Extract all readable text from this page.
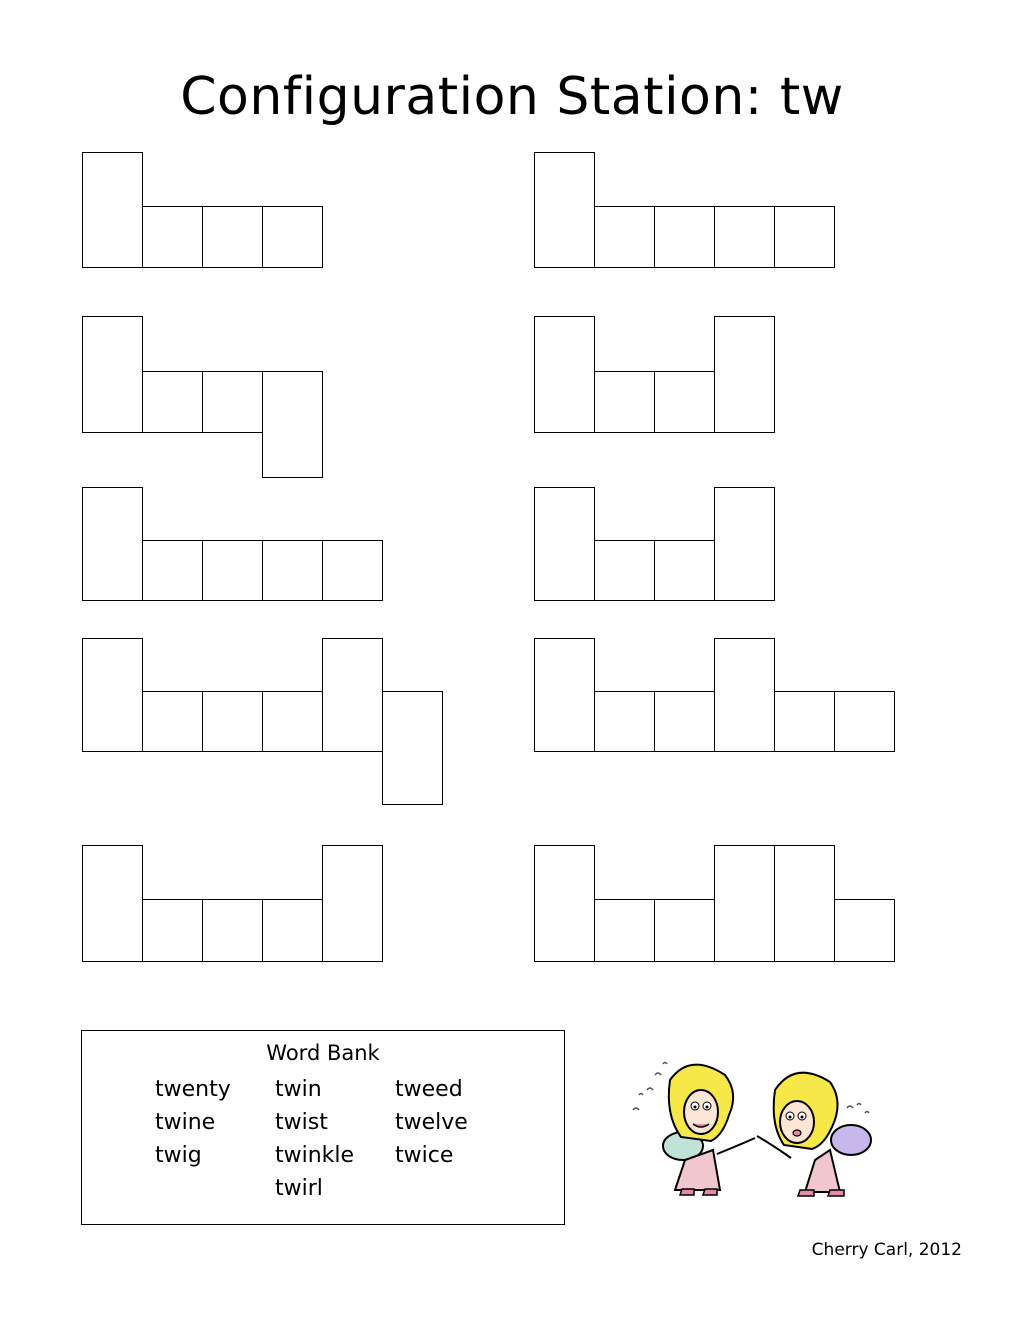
Configuration Station: tw
Word Bank
twenty
twine
twig
twin
twist
twinkle
twirl
tweed
twelve
twice
Cherry Carl, 2012
